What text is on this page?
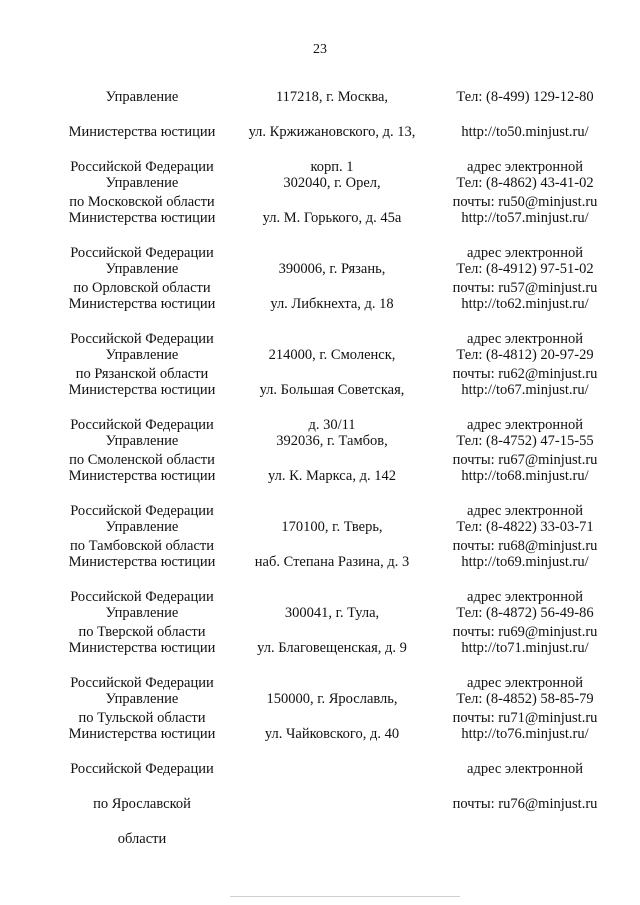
23

Управление

Министерства юстиции

Российской Федерации

по Московской области

117218, г. Москва,

ул. Кржижановского, д. 13,

корп. 1

Тел: (8-499) 129-12-80

http://to50.minjust.ru/

адрес электронной

почты: ru50@minjust.ru

Управление

Министерства юстиции

Российской Федерации

по Орловской области

302040, г. Орел,

ул. М. Горького, д. 45а

Тел: (8-4862) 43-41-02

http://to57.minjust.ru/

адрес электронной

почты: ru57@minjust.ru

Управление

Министерства юстиции

Российской Федерации

по Рязанской области

390006, г. Рязань,

ул. Либкнехта, д. 18

Тел: (8-4912) 97-51-02

http://to62.minjust.ru/

адрес электронной

почты: ru62@minjust.ru

Управление

Министерства юстиции

Российской Федерации

по Смоленской области

214000, г. Смоленск,

ул. Большая Советская,

д. 30/11

Тел: (8-4812) 20-97-29

http://to67.minjust.ru/

адрес электронной

почты: ru67@minjust.ru

Управление

Министерства юстиции

Российской Федерации

по Тамбовской области

392036, г. Тамбов,

ул. К. Маркса, д. 142

Тел: (8-4752) 47-15-55

http://to68.minjust.ru/

адрес электронной

почты: ru68@minjust.ru

Управление

Министерства юстиции

Российской Федерации

по Тверской области

170100, г. Тверь,

наб. Степана Разина, д. 3

Тел: (8-4822) 33-03-71

http://to69.minjust.ru/

адрес электронной

почты: ru69@minjust.ru

Управление

Министерства юстиции

Российской Федерации

по Тульской области

300041, г. Тула,

ул. Благовещенская, д. 9

Тел: (8-4872) 56-49-86

http://to71.minjust.ru/

адрес электронной

почты: ru71@minjust.ru

Управление

Министерства юстиции

Российской Федерации

по Ярославской

области

150000, г. Ярославль,

ул. Чайковского, д. 40

Тел: (8-4852) 58-85-79

http://to76.minjust.ru/

адрес электронной

почты: ru76@minjust.ru
